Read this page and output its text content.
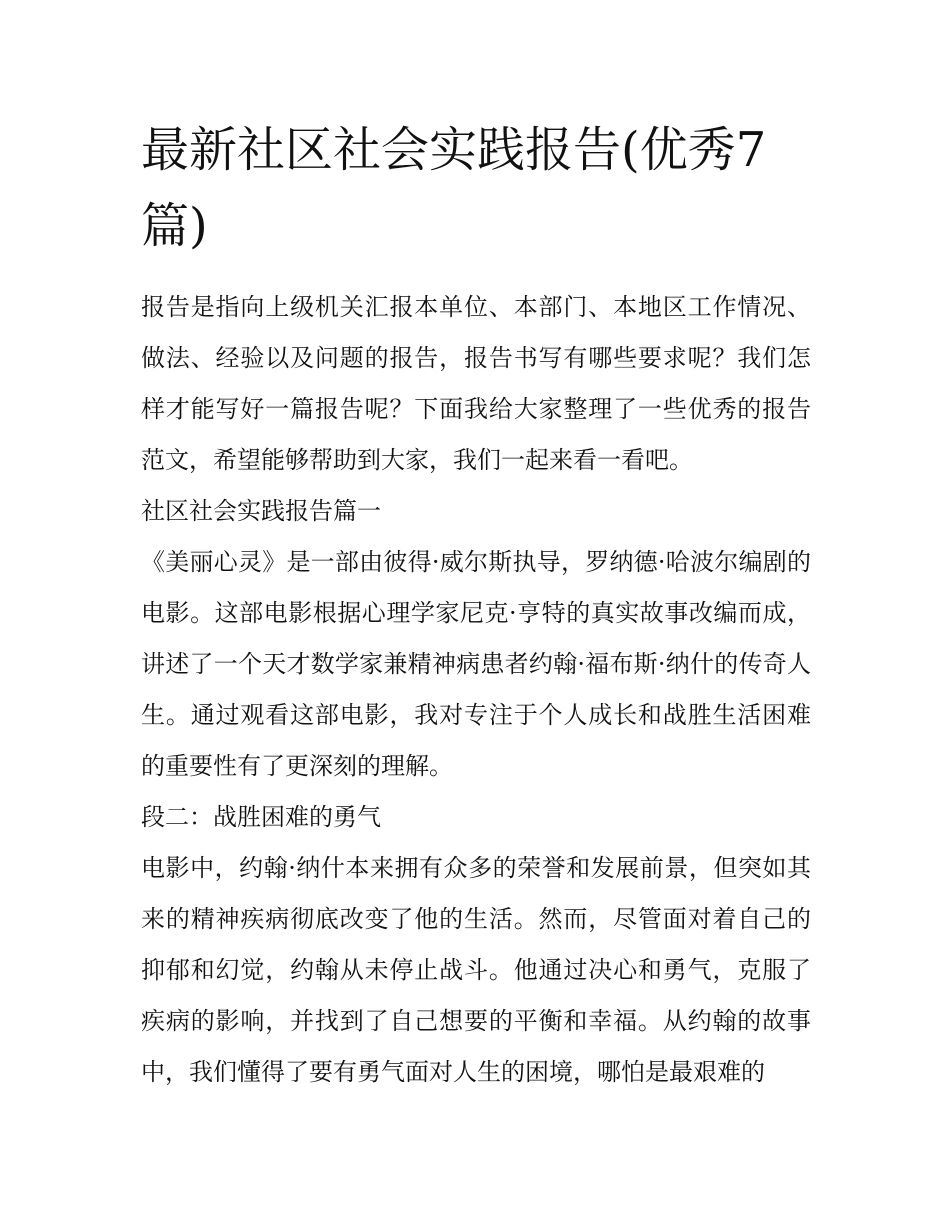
最新社区社会实践报告(优秀7篇)

报告是指向上级机关汇报本单位、本部门、本地区工作情况、做法、经验以及问题的报告，报告书写有哪些要求呢？我们怎样才能写好一篇报告呢？下面我给大家整理了一些优秀的报告范文，希望能够帮助到大家，我们一起来看一看吧。

社区社会实践报告篇一

《美丽心灵》是一部由彼得·威尔斯执导，罗纳德·哈波尔编剧的电影。这部电影根据心理学家尼克·亨特的真实故事改编而成，讲述了一个天才数学家兼精神病患者约翰·福布斯·纳什的传奇人生。通过观看这部电影，我对专注于个人成长和战胜生活困难的重要性有了更深刻的理解。

段二：战胜困难的勇气

电影中，约翰·纳什本来拥有众多的荣誉和发展前景，但突如其来的精神疾病彻底改变了他的生活。然而，尽管面对着自己的抑郁和幻觉，约翰从未停止战斗。他通过决心和勇气，克服了疾病的影响，并找到了自己想要的平衡和幸福。从约翰的故事中，我们懂得了要有勇气面对人生的困境，哪怕是最艰难的
